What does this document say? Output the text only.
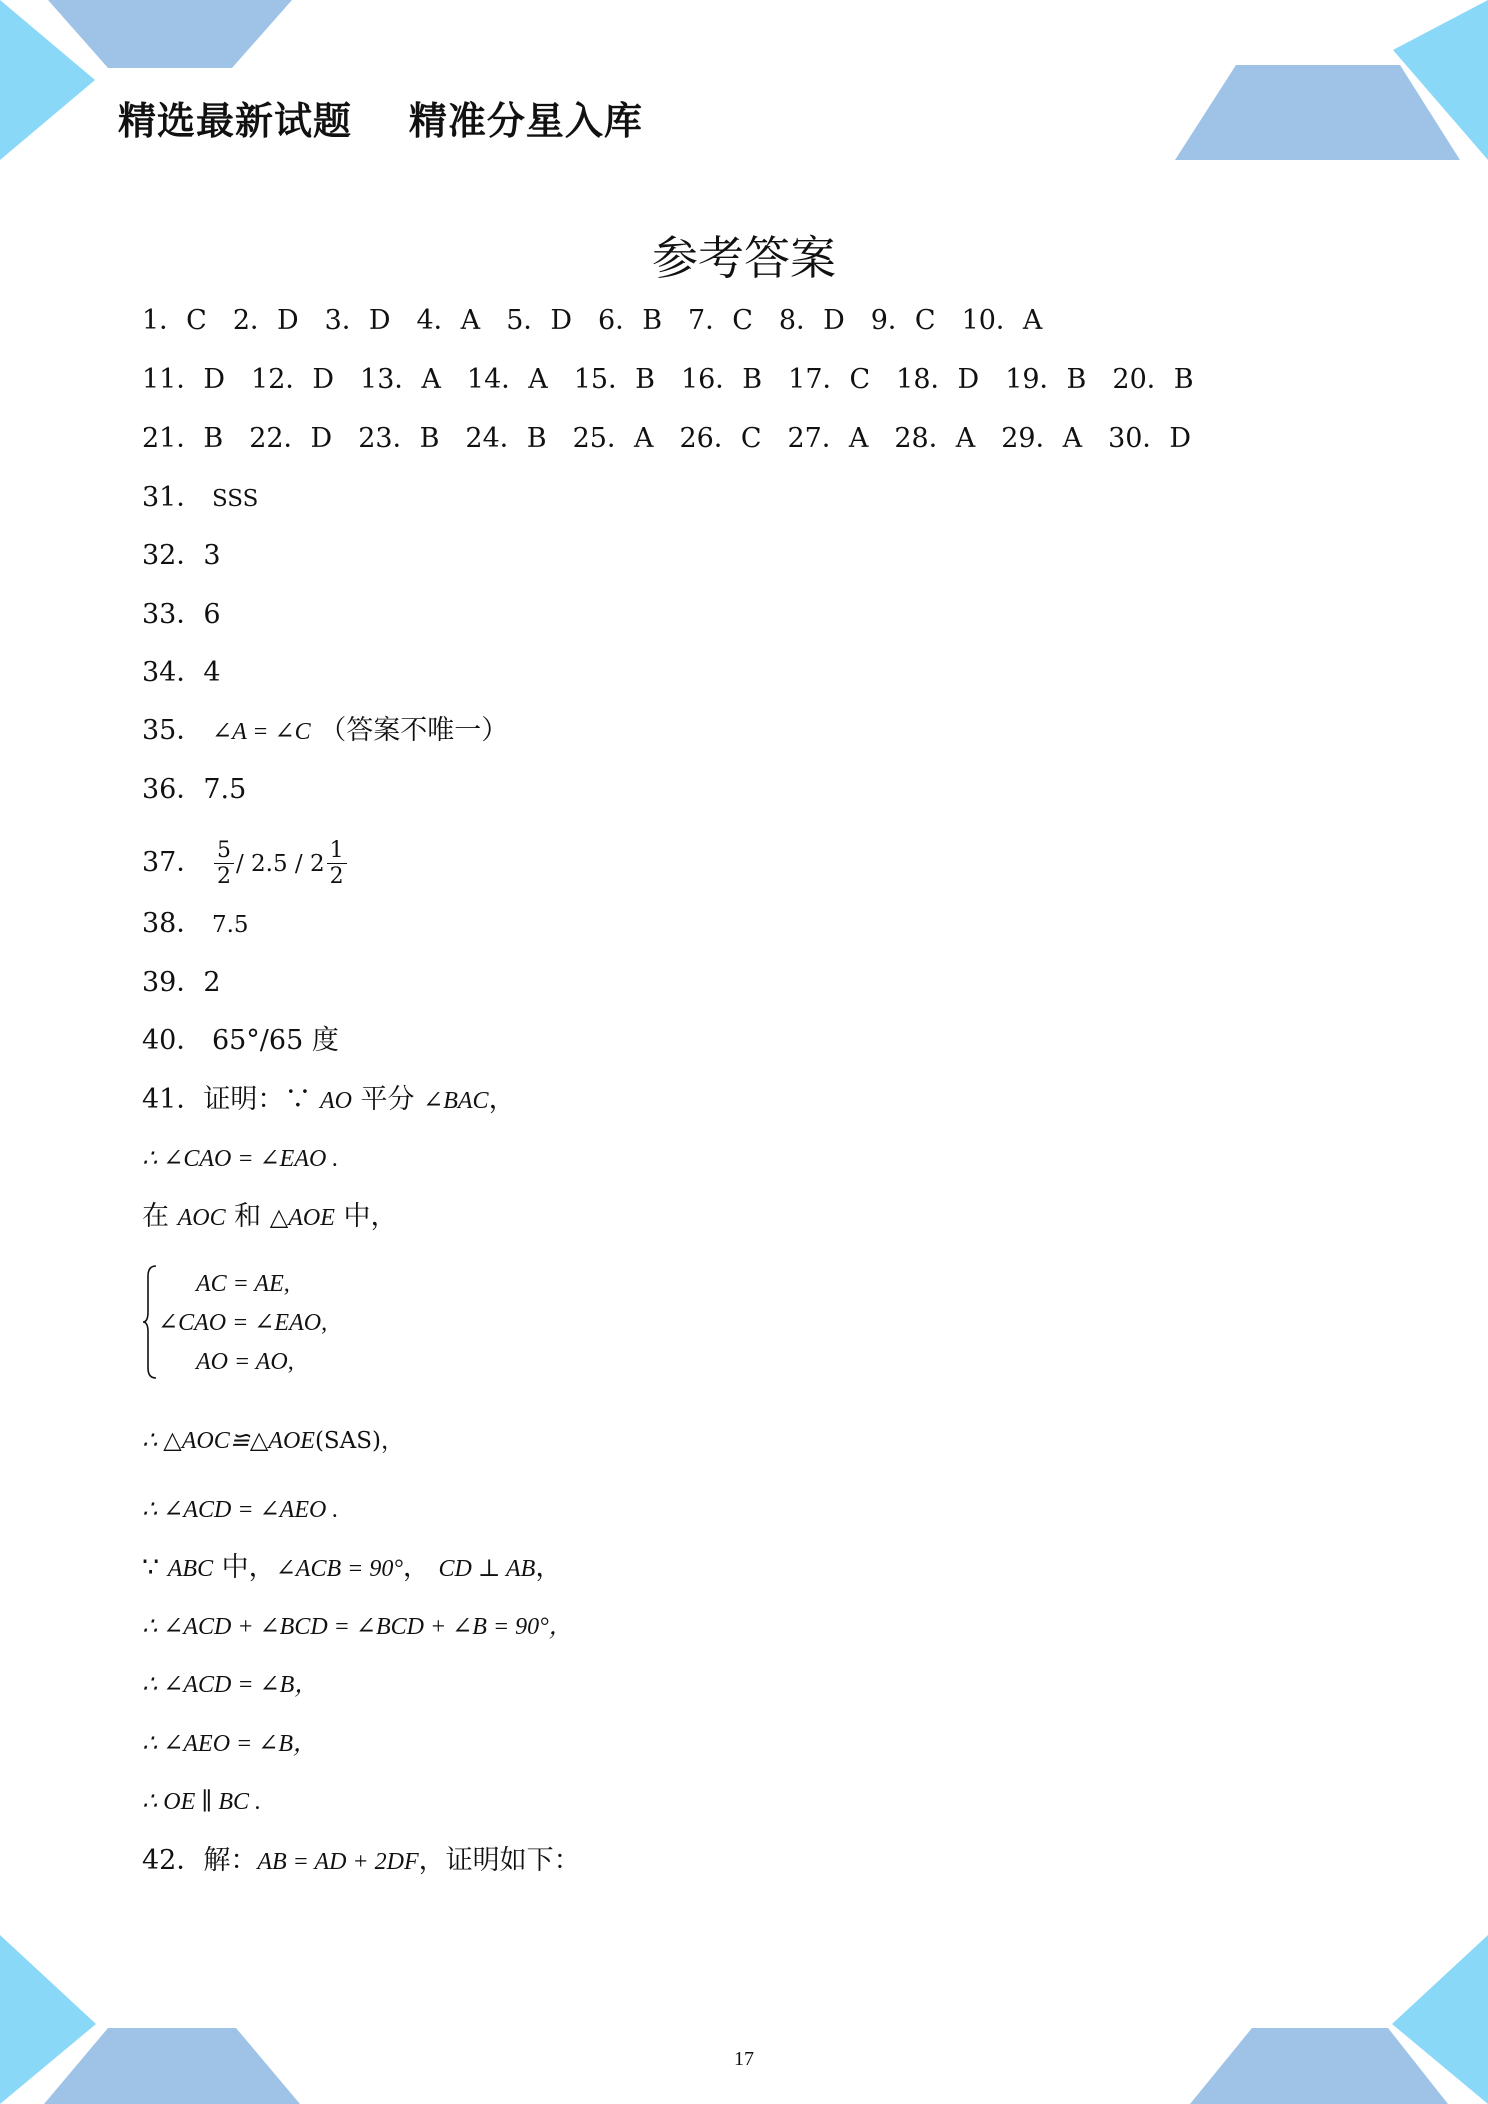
精选最新试题    精准分星入库
参考答案
1．C 2．D 3．D 4．A 5．D 6．B 7．C 8．D 9．C 10．A
11．D 12．D 13．A 14．A 15．B 16．B 17．C 18．D 19．B 20．B
21．B 22．D 23．B 24．B 25．A 26．C 27．A 28．A 29．A 30．D
31． SSS
32．3
33．6
34．4
35． ∠A = ∠C （答案不唯一）
36．7.5
37． $\frac{5}{2} / 2.5 / 2 \frac{1}{2}$
38． 7.5
39．2
40． 65°/65 度
41．证明：∵ AO 平分 ∠BAC，
∴ ∠CAO = ∠EAO .
在 AOC 和 △AOE 中，
AC = AE,
∠CAO = ∠EAO,
AO = AO,
∴ △AOC≌△AOE(SAS)，
∴ ∠ACD = ∠AEO .
∵ ABC 中，∠ACB = 90°， CD ⊥ AB，
∴ ∠ACD + ∠BCD = ∠BCD + ∠B = 90°，
∴ ∠ACD = ∠B，
∴ ∠AEO = ∠B，
∴ OE ∥ BC .
42．解：AB = AD + 2DF，证明如下：
17
